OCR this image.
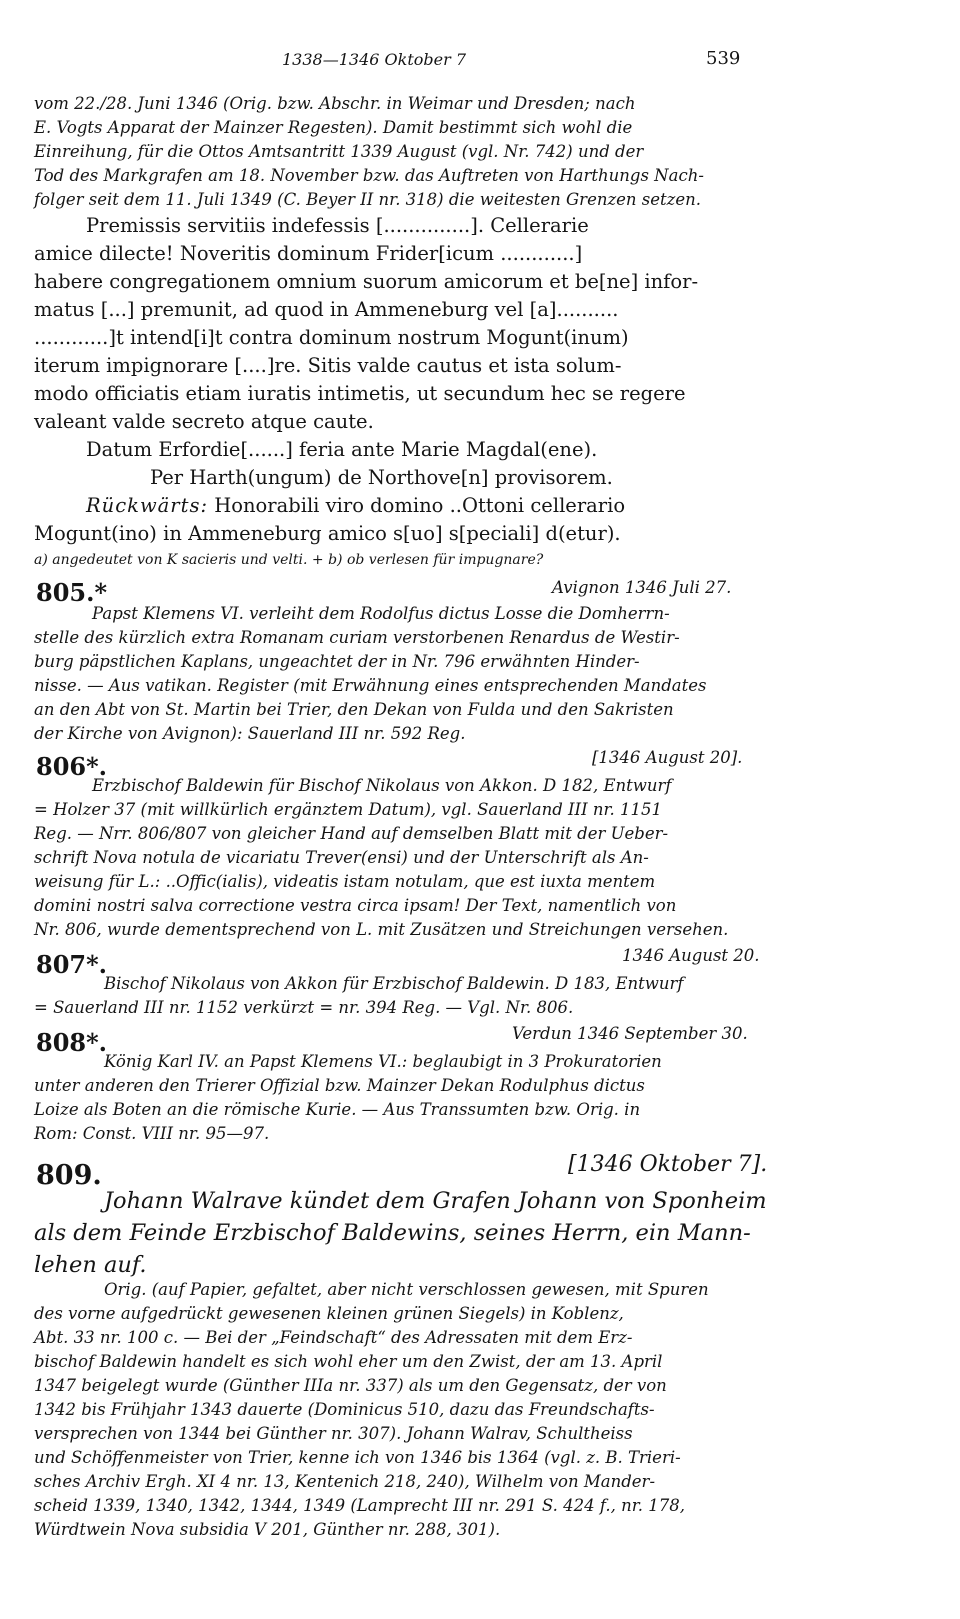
1338—1346 Oktober 7	539
vom 22./28. Juni 1346 (Orig. bzw. Abschr. in Weimar und Dresden; nach
E. Vogts Apparat der Mainzer Regesten). Damit bestimmt sich wohl die
Einreihung, für die Ottos Amtsantritt 1339 August (vgl. Nr. 742) und der
Tod des Markgrafen am 18. November bzw. das Auftreten von Harthungs Nach-
folger seit dem 11. Juli 1349 (C. Beyer II nr. 318) die weitesten Grenzen setzen.
Premissis servitiis indefessis [..............]. Cellerarie
amice dilecte! Noveritis dominum Frider[icum ............]
habere congregationem omnium suorum amicorum et be[ne] infor-
matus [...] premunit, ad quod in Ammeneburg vel [a]..........
............]t intend[i]t contra dominum nostrum Mogunt(inum)
iterum impignorare [....]re. Sitis valde cautus et ista solum-
modo officiatis etiam iuratis intimetis, ut secundum hec se regere
valeant valde secreto atque caute.
Datum Erfordie[......] feria ante Marie Magdal(ene).
Per Harth(ungum) de Northove[n] provisorem.
Rückwärts: Honorabili viro domino ..Ottoni cellerario
Mogunt(ino) in Ammeneburg amico s[uo] s[peciali] d(etur).
a) angedeutet von K sacieris und velti. + b) ob verlesen für impugnare?
805.*	Avignon 1346 Juli 27.
Papst Klemens VI. verleiht dem Rodolfus dictus Losse die Domherrn-
stelle des kürzlich extra Romanam curiam verstorbenen Renardus de Westir-
burg päpstlichen Kaplans, ungeachtet der in Nr. 796 erwähnten Hinder-
nisse. — Aus vatikan. Register (mit Erwähnung eines entsprechenden Mandates
an den Abt von St. Martin bei Trier, den Dekan von Fulda und den Sakristen
der Kirche von Avignon): Sauerland III nr. 592 Reg.
806*.	[1346 August 20].
Erzbischof Baldewin für Bischof Nikolaus von Akkon. D 182, Entwurf
= Holzer 37 (mit willkürlich ergänztem Datum), vgl. Sauerland III nr. 1151
Reg. — Nrr. 806/807 von gleicher Hand auf demselben Blatt mit der Ueber-
schrift Nova notula de vicariatu Trever(ensi) und der Unterschrift als An-
weisung für L.: ..Offic(ialis), videatis istam notulam, que est iuxta mentem
domini nostri salva correctione vestra circa ipsam! Der Text, namentlich von
Nr. 806, wurde dementsprechend von L. mit Zusätzen und Streichungen versehen.
807*.	1346 August 20.
Bischof Nikolaus von Akkon für Erzbischof Baldewin. D 183, Entwurf
= Sauerland III nr. 1152 verkürzt = nr. 394 Reg. — Vgl. Nr. 806.
808*.	Verdun 1346 September 30.
König Karl IV. an Papst Klemens VI.: beglaubigt in 3 Prokuratorien
unter anderen den Trierer Offizial bzw. Mainzer Dekan Rodulphus dictus
Loize als Boten an die römische Kurie. — Aus Transsumten bzw. Orig. in
Rom: Const. VIII nr. 95—97.
809.	[1346 Oktober 7].
Johann Walrave kündet dem Grafen Johann von Sponheim
als dem Feinde Erzbischof Baldewins, seines Herrn, ein Mann-
lehen auf.
Orig. (auf Papier, gefaltet, aber nicht verschlossen gewesen, mit Spuren
des vorne aufgedrückt gewesenen kleinen grünen Siegels) in Koblenz,
Abt. 33 nr. 100 c. — Bei der „Feindschaft“ des Adressaten mit dem Erz-
bischof Baldewin handelt es sich wohl eher um den Zwist, der am 13. April
1347 beigelegt wurde (Günther IIIa nr. 337) als um den Gegensatz, der von
1342 bis Frühjahr 1343 dauerte (Dominicus 510, dazu das Freundschafts-
versprechen von 1344 bei Günther nr. 307). Johann Walrav, Schultheiss
und Schöffenmeister von Trier, kenne ich von 1346 bis 1364 (vgl. z. B. Trieri-
sches Archiv Ergh. XI 4 nr. 13, Kentenich 218, 240), Wilhelm von Mander-
scheid 1339, 1340, 1342, 1344, 1349 (Lamprecht III nr. 291 S. 424 f., nr. 178,
Würdtwein Nova subsidia V 201, Günther nr. 288, 301).
